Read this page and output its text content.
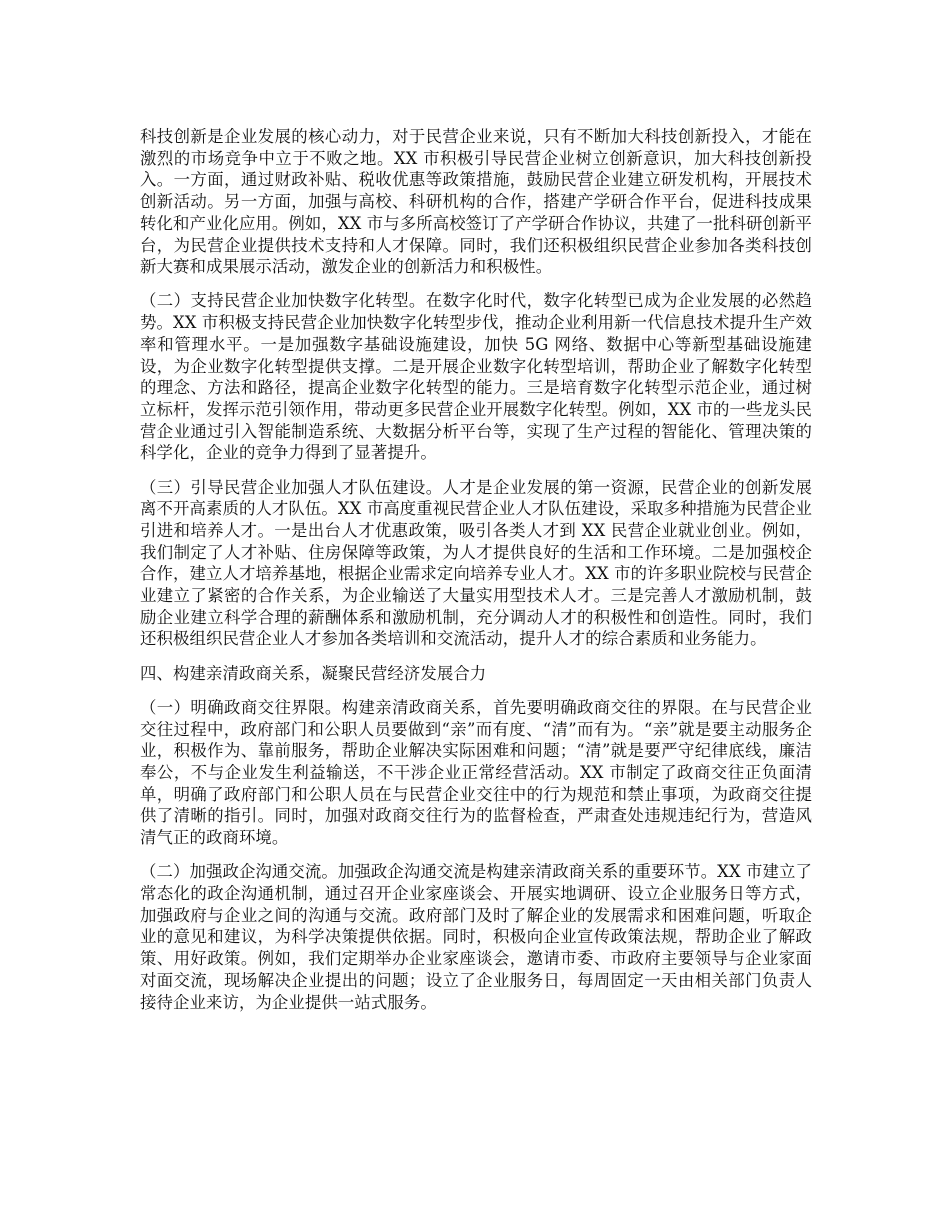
科技创新是企业发展的核心动力，对于民营企业来说，只有不断加大科技创新投入，才能在激烈的市场竞争中立于不败之地。XX 市积极引导民营企业树立创新意识，加大科技创新投入。一方面，通过财政补贴、税收优惠等政策措施，鼓励民营企业建立研发机构，开展技术创新活动。另一方面，加强与高校、科研机构的合作，搭建产学研合作平台，促进科技成果转化和产业化应用。例如，XX 市与多所高校签订了产学研合作协议，共建了一批科研创新平台，为民营企业提供技术支持和人才保障。同时，我们还积极组织民营企业参加各类科技创新大赛和成果展示活动，激发企业的创新活力和积极性。

（二）支持民营企业加快数字化转型。在数字化时代，数字化转型已成为企业发展的必然趋势。XX 市积极支持民营企业加快数字化转型步伐，推动企业利用新一代信息技术提升生产效率和管理水平。一是加强数字基础设施建设，加快 5G 网络、数据中心等新型基础设施建设，为企业数字化转型提供支撑。二是开展企业数字化转型培训，帮助企业了解数字化转型的理念、方法和路径，提高企业数字化转型的能力。三是培育数字化转型示范企业，通过树立标杆，发挥示范引领作用，带动更多民营企业开展数字化转型。例如，XX 市的一些龙头民营企业通过引入智能制造系统、大数据分析平台等，实现了生产过程的智能化、管理决策的科学化，企业的竞争力得到了显著提升。

（三）引导民营企业加强人才队伍建设。人才是企业发展的第一资源，民营企业的创新发展离不开高素质的人才队伍。XX 市高度重视民营企业人才队伍建设，采取多种措施为民营企业引进和培养人才。一是出台人才优惠政策，吸引各类人才到 XX 民营企业就业创业。例如，我们制定了人才补贴、住房保障等政策，为人才提供良好的生活和工作环境。二是加强校企合作，建立人才培养基地，根据企业需求定向培养专业人才。XX 市的许多职业院校与民营企业建立了紧密的合作关系，为企业输送了大量实用型技术人才。三是完善人才激励机制，鼓励企业建立科学合理的薪酬体系和激励机制，充分调动人才的积极性和创造性。同时，我们还积极组织民营企业人才参加各类培训和交流活动，提升人才的综合素质和业务能力。

四、构建亲清政商关系，凝聚民营经济发展合力

（一）明确政商交往界限。构建亲清政商关系，首先要明确政商交往的界限。在与民营企业交往过程中，政府部门和公职人员要做到“亲”而有度、“清”而有为。“亲”就是要主动服务企业，积极作为、靠前服务，帮助企业解决实际困难和问题；“清”就是要严守纪律底线，廉洁奉公，不与企业发生利益输送，不干涉企业正常经营活动。XX 市制定了政商交往正负面清单，明确了政府部门和公职人员在与民营企业交往中的行为规范和禁止事项，为政商交往提供了清晰的指引。同时，加强对政商交往行为的监督检查，严肃查处违规违纪行为，营造风清气正的政商环境。

（二）加强政企沟通交流。加强政企沟通交流是构建亲清政商关系的重要环节。XX 市建立了常态化的政企沟通机制，通过召开企业家座谈会、开展实地调研、设立企业服务日等方式，加强政府与企业之间的沟通与交流。政府部门及时了解企业的发展需求和困难问题，听取企业的意见和建议，为科学决策提供依据。同时，积极向企业宣传政策法规，帮助企业了解政策、用好政策。例如，我们定期举办企业家座谈会，邀请市委、市政府主要领导与企业家面对面交流，现场解决企业提出的问题；设立了企业服务日，每周固定一天由相关部门负责人接待企业来访，为企业提供一站式服务。
